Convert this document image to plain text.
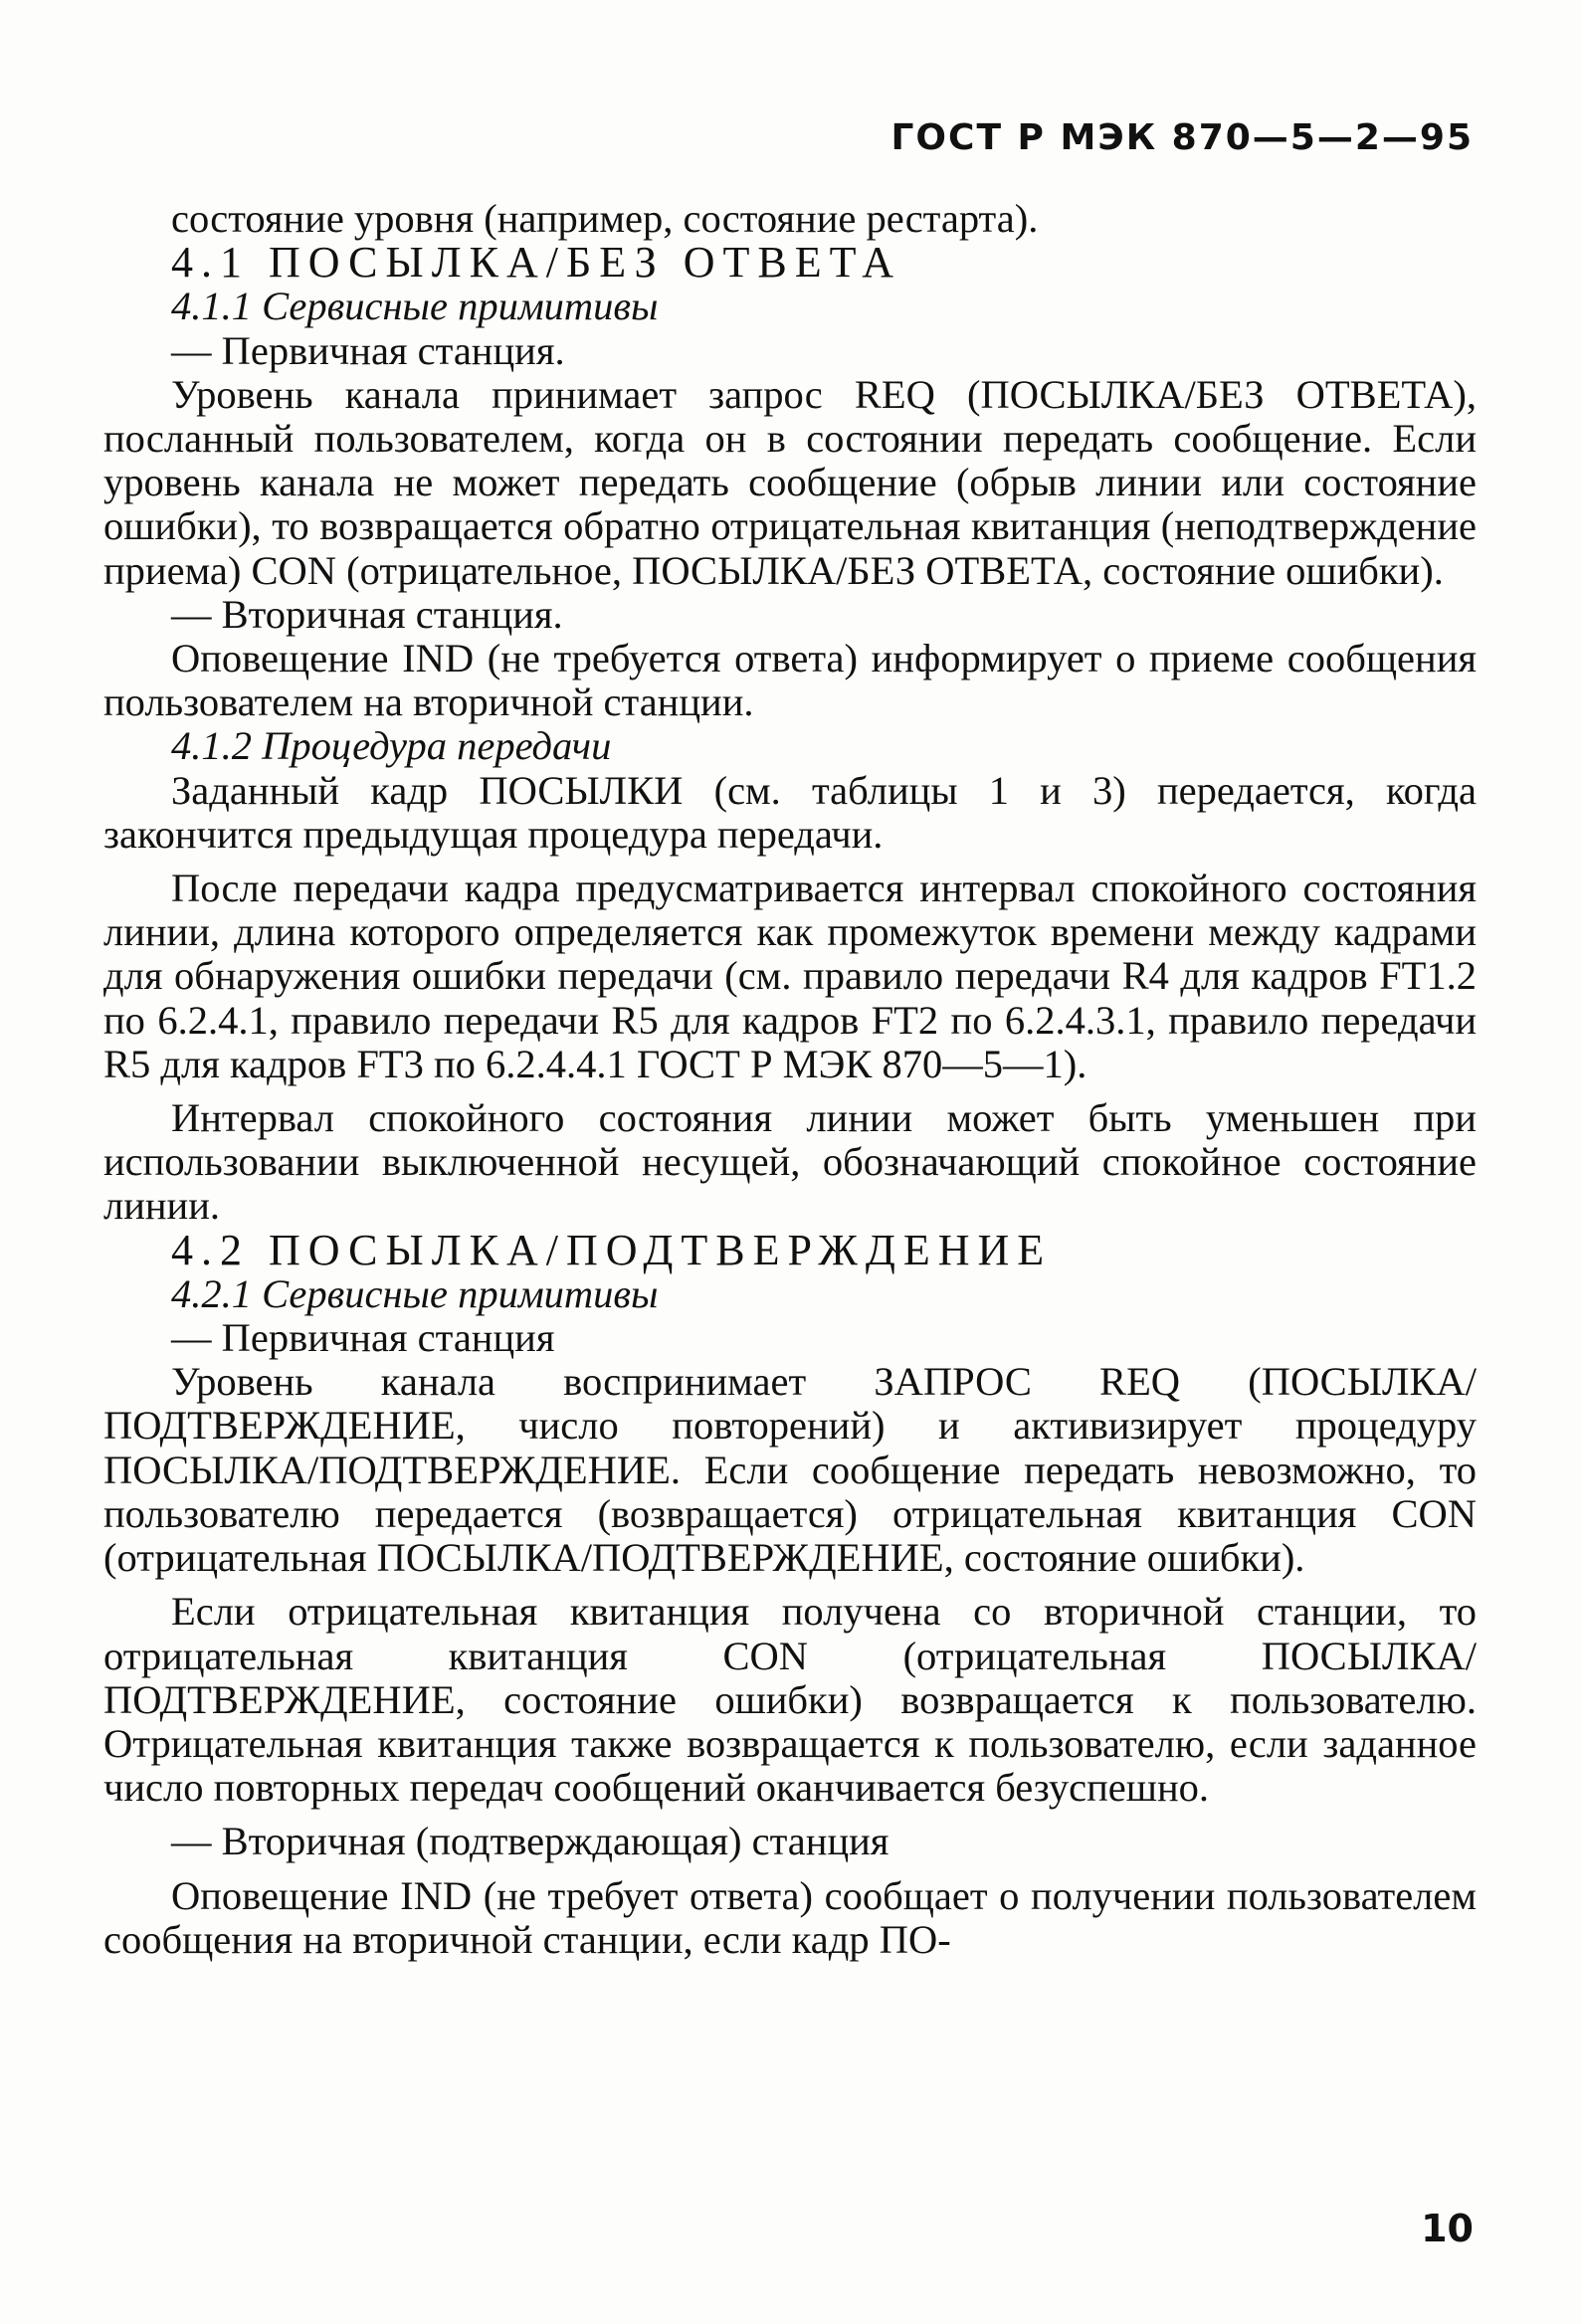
ГОСТ Р МЭК 870—5—2—95

состояние уровня (например, состояние рестарта).

4.1 ПОСЫЛКА/БЕЗ ОТВЕТА

4.1.1 Сервисные примитивы

— Первичная станция.

Уровень канала принимает запрос REQ (ПОСЫЛКА/БЕЗ ОТВЕТА), посланный пользователем, когда он в состоянии передать сообщение. Если уровень канала не может передать сообщение (обрыв линии или состояние ошибки), то возвращается обратно отрицательная квитанция (неподтверждение приема) CON (отрицательное, ПОСЫЛКА/БЕЗ ОТВЕТА, состояние ошибки).

— Вторичная станция.

Оповещение IND (не требуется ответа) информирует о приеме сообщения пользователем на вторичной станции.

4.1.2 Процедура передачи

Заданный кадр ПОСЫЛКИ (см. таблицы 1 и 3) передается, когда закончится предыдущая процедура передачи.

После передачи кадра предусматривается интервал спокойного состояния линии, длина которого определяется как промежуток времени между кадрами для обнаружения ошибки передачи (см. правило передачи R4 для кадров FT1.2 по 6.2.4.1, правило передачи R5 для кадров FT2 по 6.2.4.3.1, правило передачи R5 для кадров FT3 по 6.2.4.4.1 ГОСТ Р МЭК 870—5—1).

Интервал спокойного состояния линии может быть уменьшен при использовании выключенной несущей, обозначающий спокойное состояние линии.

4.2 ПОСЫЛКА/ПОДТВЕРЖДЕНИЕ

4.2.1 Сервисные примитивы

— Первичная станция

Уровень канала воспринимает ЗАПРОС REQ (ПОСЫЛКА/ПОДТВЕРЖДЕНИЕ, число повторений) и активизирует процедуру ПОСЫЛКА/ПОДТВЕРЖДЕНИЕ. Если сообщение передать невозможно, то пользователю передается (возвращается) отрицательная квитанция CON (отрицательная ПОСЫЛКА/ПОДТВЕРЖДЕНИЕ, состояние ошибки).

Если отрицательная квитанция получена со вторичной станции, то отрицательная квитанция CON (отрицательная ПОСЫЛКА/ПОДТВЕРЖДЕНИЕ, состояние ошибки) возвращается к пользователю. Отрицательная квитанция также возвращается к пользователю, если заданное число повторных передач сообщений оканчивается безуспешно.

— Вторичная (подтверждающая) станция

Оповещение IND (не требует ответа) сообщает о получении пользователем сообщения на вторичной станции, если кадр ПО-

10
